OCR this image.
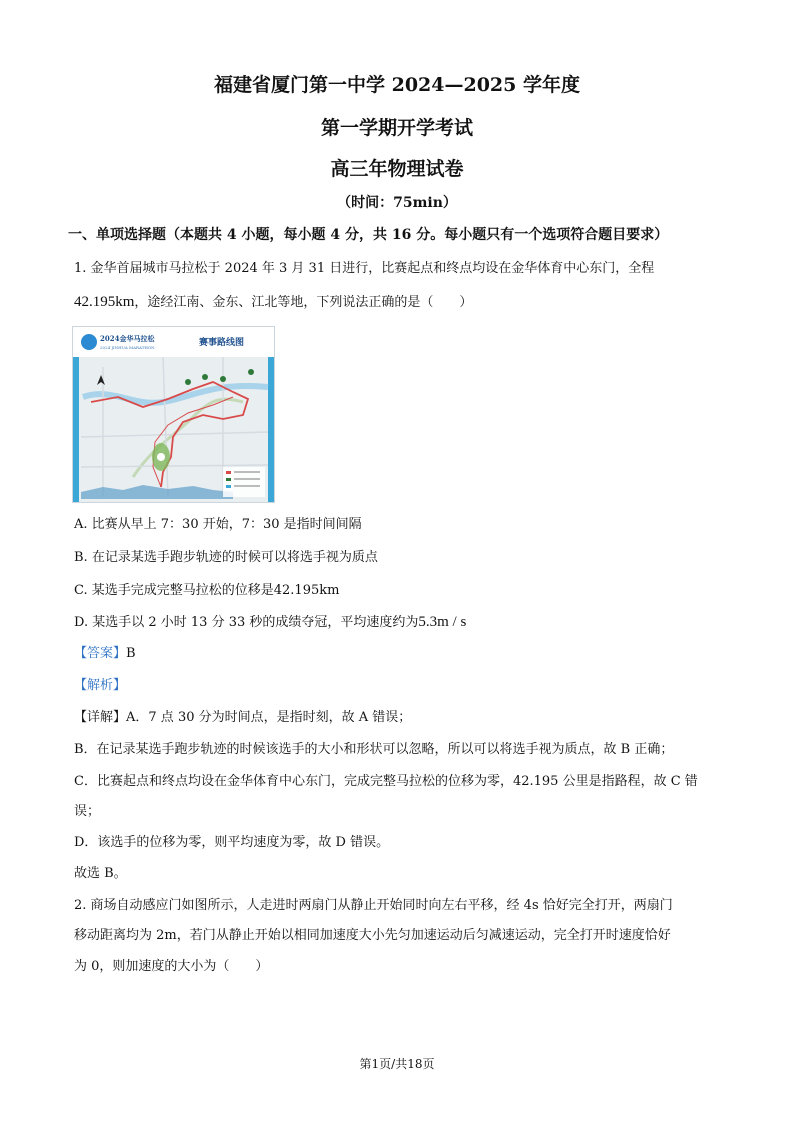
福建省厦门第一中学 2024—2025 学年度
第一学期开学考试
高三年物理试卷
（时间：75min）
一、单项选择题（本题共 4 小题，每小题 4 分，共 16 分。每小题只有一个选项符合题目要求）
1. 金华首届城市马拉松于 2024 年 3 月 31 日进行，比赛起点和终点均设在金华体育中心东门，全程
42.195km，途经江南、金东、江北等地，下列说法正确的是（　　）
2024金华马拉松
2024 JINHUA MARATHON	赛事路线图
A. 比赛从早上 7：30 开始，7：30 是指时间间隔
B. 在记录某选手跑步轨迹的时候可以将选手视为质点
C. 某选手完成完整马拉松的位移是42.195km
D. 某选手以 2 小时 13 分 33 秒的成绩夺冠，平均速度约为5.3m / s
【答案】B
【解析】
【详解】A．7 点 30 分为时间点，是指时刻，故 A 错误；
B．在记录某选手跑步轨迹的时候该选手的大小和形状可以忽略，所以可以将选手视为质点，故 B 正确；
C．比赛起点和终点均设在金华体育中心东门，完成完整马拉松的位移为零，42.195 公里是指路程，故 C 错
误；
D．该选手的位移为零，则平均速度为零，故 D 错误。
故选 B。
2. 商场自动感应门如图所示，人走进时两扇门从静止开始同时向左右平移，经 4s 恰好完全打开，两扇门
移动距离均为 2m，若门从静止开始以相同加速度大小先匀加速运动后匀减速运动，完全打开时速度恰好
为 0，则加速度的大小为（　　）
第1页/共18页
